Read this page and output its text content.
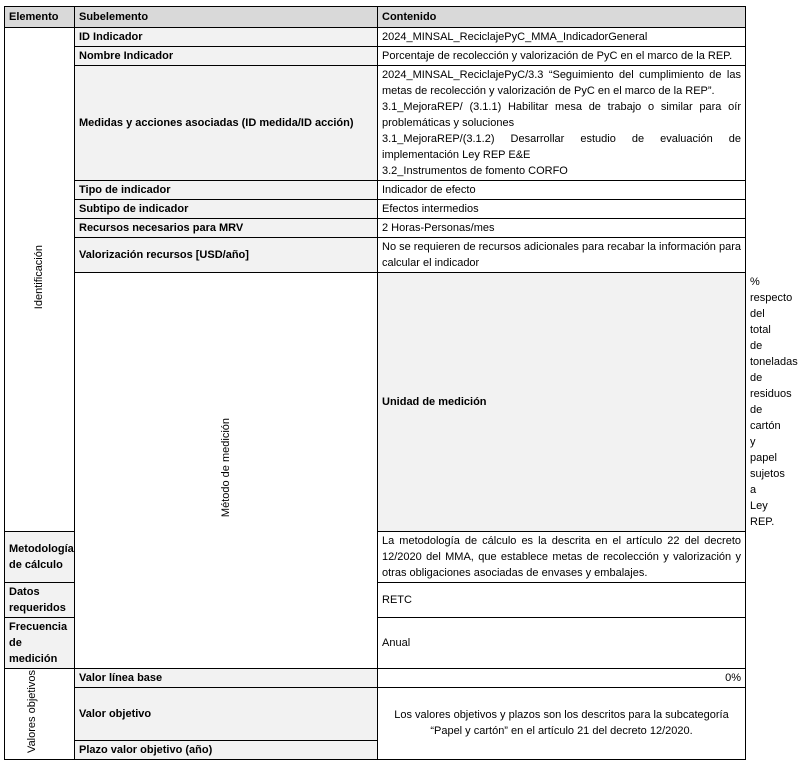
Elemento	Subelemento	Contenido	
Identificación	ID Indicador	2024_MINSAL_ReciclajePyC_MMA_IndicadorGeneral	
	Nombre Indicador	Porcentaje de recolección y valorización de PyC en el marco de la REP.	
	Medidas y acciones asociadas (ID medida/ID acción)	2024_MINSAL_ReciclajePyC/3.3 “Seguimiento del cumplimiento de las metas de recolección y valorización de PyC en el marco de la REP”.
3.1_MejoraREP/ (3.1.1) Habilitar mesa de trabajo o similar para oír problemáticas y soluciones
3.1_MejoraREP/(3.1.2) Desarrollar estudio de evaluación de implementación Ley REP E&E
3.2_Instrumentos de fomento CORFO	

	Tipo de indicador	Indicador de efecto	
	Subtipo de indicador	Efectos intermedios	
	Recursos necesarios para MRV	2 Horas-Personas/mes	
	Valorización recursos [USD/año]	No se requieren de recursos adicionales para recabar la información para calcular el indicador	
	Método de medición	Unidad de medición	% respecto del total de toneladas de residuos de cartón y papel sujetos a Ley REP.
Metodología de cálculo		La metodología de cálculo es la descrita en el artículo 22 del decreto 12/2020 del MMA, que establece metas de recolección y valorización y otras obligaciones asociadas de envases y embalajes.	
Datos requeridos		RETC	
Frecuencia de medición		Anual	
Valores objetivos	Valor línea base	0%	
	Valor objetivo	Los valores objetivos y plazos son los descritos para la subcategoría “Papel y cartón” en el artículo 21 del decreto 12/2020.	
	Plazo valor objetivo (año)		
